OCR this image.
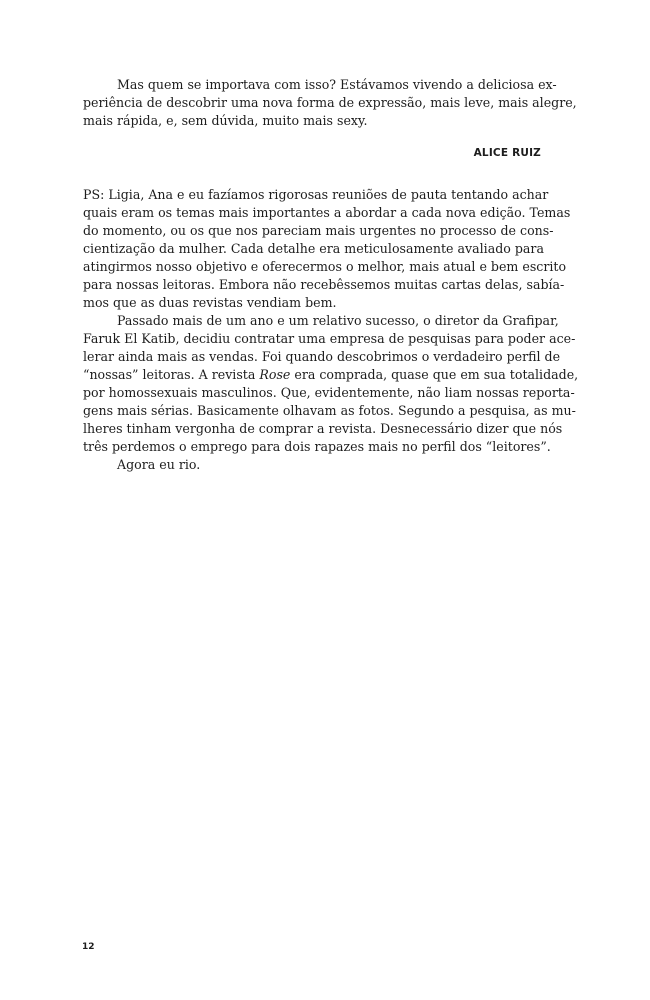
Mas quem se importava com isso? Estávamos vivendo a deliciosa ex-
periência de descobrir uma nova forma de expressão, mais leve, mais alegre,
mais rápida, e, sem dúvida, muito mais sexy.
ALICE RUIZ
PS: Ligia, Ana e eu fazíamos rigorosas reuniões de pauta tentando achar
quais eram os temas mais importantes a abordar a cada nova edição. Temas
do momento, ou os que nos pareciam mais urgentes no processo de cons-
cientização da mulher. Cada detalhe era meticulosamente avaliado para
atingirmos nosso objetivo e oferecermos o melhor, mais atual e bem escrito
para nossas leitoras. Embora não recebêssemos muitas cartas delas, sabía-
mos que as duas revistas vendiam bem.
Passado mais de um ano e um relativo sucesso, o diretor da Grafipar,
Faruk El Katib, decidiu contratar uma empresa de pesquisas para poder ace-
lerar ainda mais as vendas. Foi quando descobrimos o verdadeiro perfil de
“nossas” leitoras. A revista Rose era comprada, quase que em sua totalidade,
por homossexuais masculinos. Que, evidentemente, não liam nossas reporta-
gens mais sérias. Basicamente olhavam as fotos. Segundo a pesquisa, as mu-
lheres tinham vergonha de comprar a revista. Desnecessário dizer que nós
três perdemos o emprego para dois rapazes mais no perfil dos “leitores”.
Agora eu rio.
12
